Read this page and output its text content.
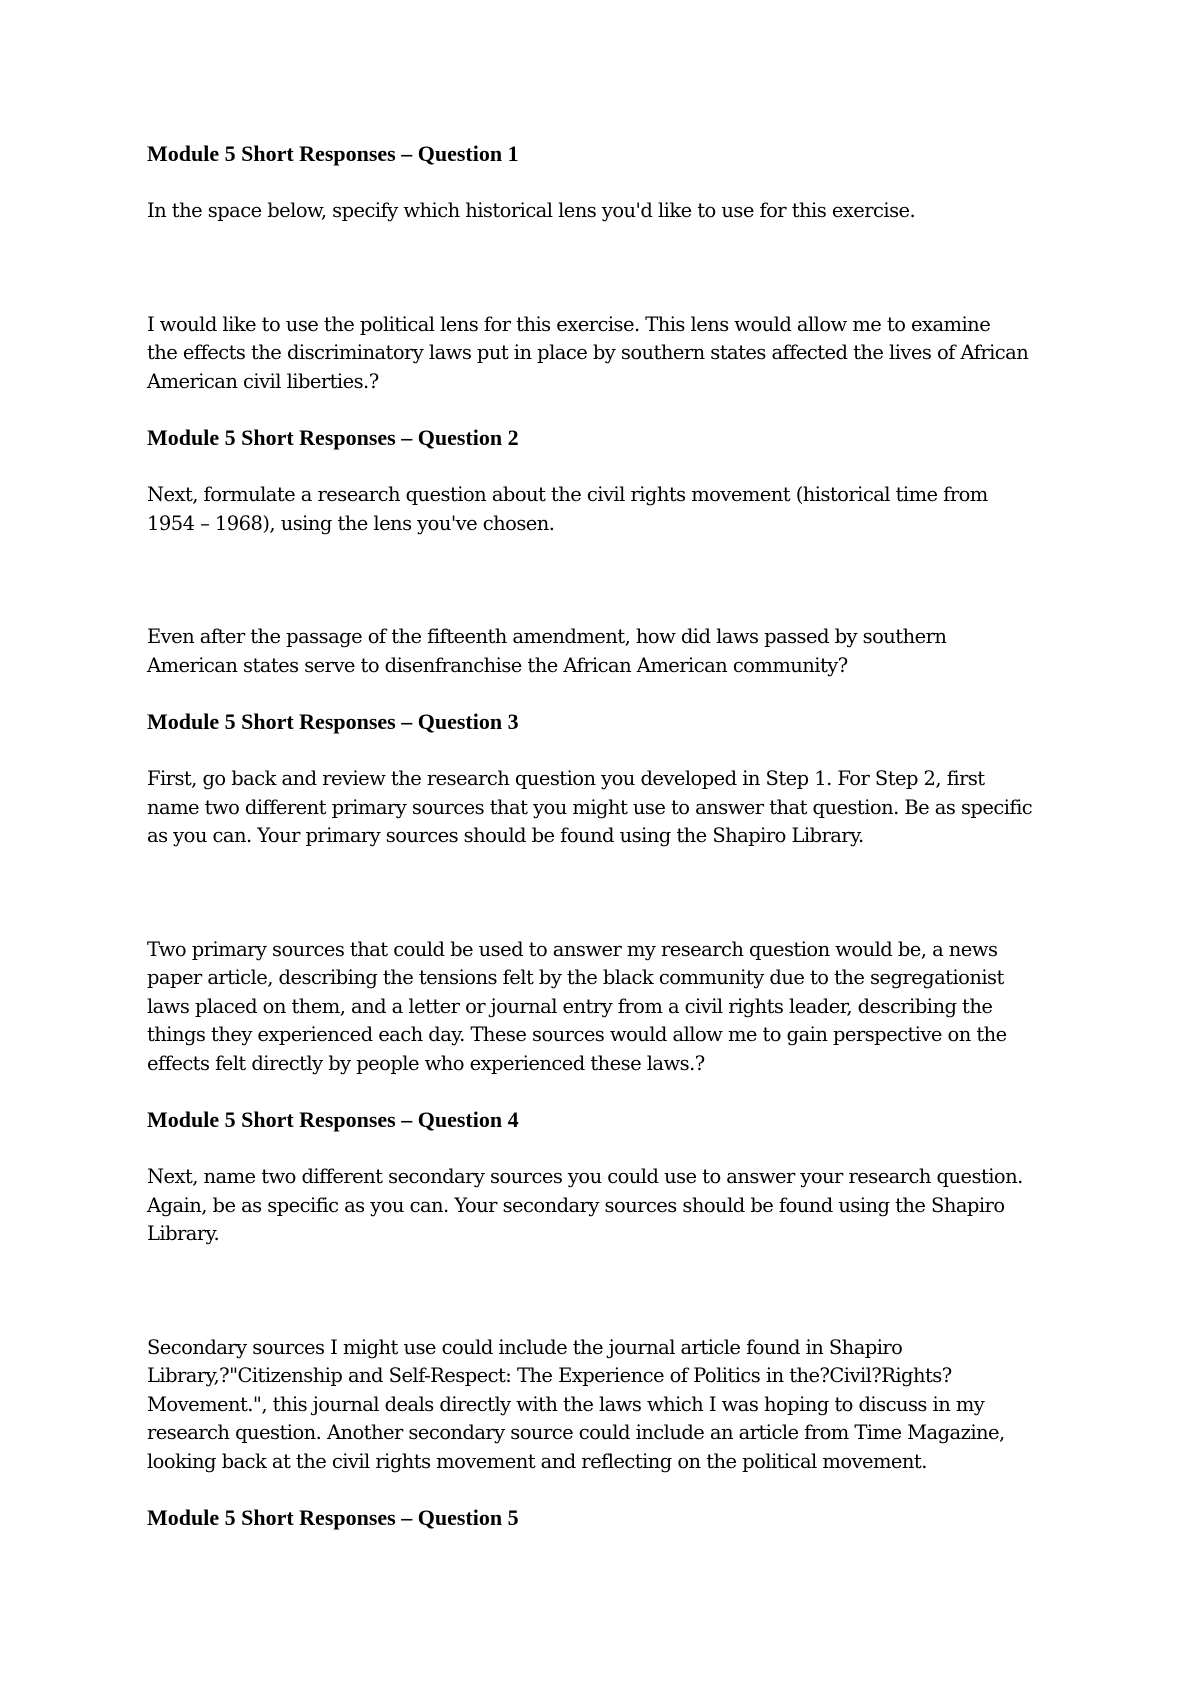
Module 5 Short Responses – Question 1

In the space below, specify which historical lens you'd like to use for this exercise.

I would like to use the political lens for this exercise. This lens would allow me to examine
the effects the discriminatory laws put in place by southern states affected the lives of African
American civil liberties.?

Module 5 Short Responses – Question 2

Next, formulate a research question about the civil rights movement (historical time from
1954 – 1968), using the lens you've chosen.

Even after the passage of the fifteenth amendment, how did laws passed by southern
American states serve to disenfranchise the African American community?

Module 5 Short Responses – Question 3

First, go back and review the research question you developed in Step 1. For Step 2, first
name two different primary sources that you might use to answer that question. Be as specific
as you can. Your primary sources should be found using the Shapiro Library.

Two primary sources that could be used to answer my research question would be, a news
paper article, describing the tensions felt by the black community due to the segregationist
laws placed on them, and a letter or journal entry from a civil rights leader, describing the
things they experienced each day. These sources would allow me to gain perspective on the
effects felt directly by people who experienced these laws.?

Module 5 Short Responses – Question 4

Next, name two different secondary sources you could use to answer your research question.
Again, be as specific as you can. Your secondary sources should be found using the Shapiro
Library.

Secondary sources I might use could include the journal article found in Shapiro
Library,?"Citizenship and Self-Respect: The Experience of Politics in the?Civil?Rights?
Movement.", this journal deals directly with the laws which I was hoping to discuss in my
research question. Another secondary source could include an article from Time Magazine,
looking back at the civil rights movement and reflecting on the political movement.

Module 5 Short Responses – Question 5
